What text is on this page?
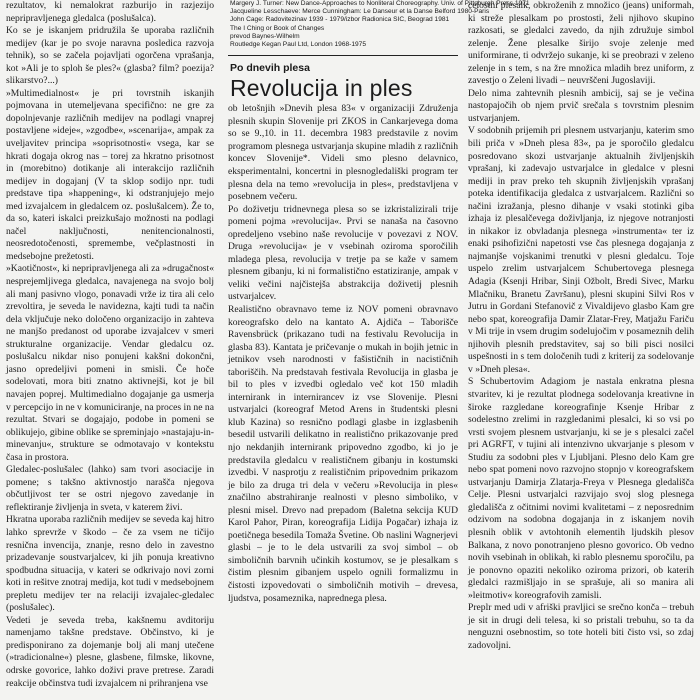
rezultatov, ki nemalokrat razburijo in razjezijo nepripravljenega gledalca (poslušalca).

Ko se je iskanjem pridružila še uporaba različnih medijev (kar je po svoje naravna posledica razvoja tehnik), so se začela pojavljati ogorčena vprašanja, kot »Ali je to sploh še ples?« (glasba? film? poezija? slikarstvo?...)

»Multimedialnost« je pri tovrstnih iskanjih pojmovana in utemeljevana specifično: ne gre za dopolnjevanje različnih medijev na podlagi vnaprej postavljene »ideje«, »zgodbe«, »scenarija«, ampak za uveljavitev principa »soprisotnosti« vsega, kar se hkrati dogaja okrog nas – torej za hkratno prisotnost in (morebitno) dotikanje ali interakcijo različnih medijev in dogajanj (V ta sklop sodijo npr. tudi predstave tipa »happening«, ki odstranjujejo mejo med izvajalcem in gledalcem oz. poslušalcem). Že to, da so, kateri iskalci preizkušajo možnosti na podlagi načel naključnosti, nenitencionalnosti, neosredotočenosti, spremembe, večplastnosti in medsebojne prežetosti.

»Kaotičnost«, ki nepripravljenega ali za »drugačnost« nesprejemljivega gledalca, navajenega na svojo bolj ali manj pasivno vlogo, ponavadi vrže iz tira ali celo zrevoltira, je seveda le navidezna, kajti tudi ta način dela vključuje neko določeno organizacijo in zahteva ne manjšo predanost od uporabe izvajalcev v smeri strukturalne organizacije. Vendar gledalcu oz. poslušalcu nikdar niso ponujeni kakšni dokončni, jasno opredeljivi pomeni in smisli. Če hoče sodelovati, mora biti znatno aktivnejši, kot je bil navajen poprej. Multimedialno dogajanje ga usmerja v percepcijo in ne v komuniciranje, na proces in ne na rezultat. Stvari se dogajajo, podobe in pomeni se oblikujejo, gibine oblike se spreminjajo »nastajaju-in-minevanju«, strukture se odmotavajo v kontekstu časa in prostora.

Gledalec-poslušalec (lahko) sam tvori asociacije in pomene; s takšno aktivnostjo narašča njegova občutljivost ter se ostri njegovo zavedanje in reflektiranje življenja in sveta, v katerem živi.

Hkratna uporaba različnih medijev se seveda kaj hitro lahko sprevrže v škodo – če za vsem ne tičijo resnična invencija, znanje, resno delo in zavestno prizadevanje soustvarjalcev, ki jih ponuja kreativno spodbudna situacija, v kateri se odkrivajo novi zorni koti in rešitve znotraj medija, kot tudi v medsebojnem prepletu medijev ter na relaciji izvajalec-gledalec (poslušalec).

Vedeti je seveda treba, kakšnemu avditoriju namenjamo takšne predstave. Občinstvo, ki je predisponirano za dojemanje bolj ali manj utečene (»tradicionalne«) plesne, glasbene, filmske, likovne, odrske govorice, lahko doživi prave pretrese. Zaradi reakcije občinstva tudi izvajalcem ni prihranjena vse

Margery J. Turner: New Dance-Approaches to Nonliteral Choreography. Univ. of Pittsburgh Press 1971
Jacqueline Lesschaeve: Merce Cunningham: Le Danseur et la Danse Belford 1980-Paris
John Cage: Radovitezinav 1939 - 1979/izbor Radionica SIC, Beograd 1981
The I Ching or Book of Changes
prevod Baynes-Wilhelm
Routledge Kegan Paul Ltd, London 1968-1975
Po dnevih plesa
Revolucija in ples

ob letošnjih »Dnevih plesa 83« v organizaciji Združenja plesnih skupin Slovenije pri ZKOS in Cankarjevega doma so se 9.,10. in 11. decembra 1983 predstavile z novim programom plesnega ustvarjanja skupine mladih z različnih koncev Slovenije*. Videli smo plesno delavnico, eksperimentalni, koncertni in plesnogledališki program ter plesna dela na temo »revolucija in ples«, predstavljena v posebnem večeru.

Po doživetju tridnevnega plesa so se izkristalizirali trije pomeni pojma »revolucija«. Prvi se nanaša na časovno opredeljeno vsebino naše revolucije v povezavi z NOV. Druga »revolucija« je v vsebinah oziroma sporočilih mladega plesa, revolucija v tretje pa se kaže v samem plesnem gibanju, ki ni formalistično estatiziranje, ampak v veliki večini najčistejša abstrakcija doživetij plesnih ustvarjalcev.

Realistično obravnavo teme iz NOV pomeni obravnavo koreografsko delo na kantato A. Ajdiča – Taboriščе Ravensbrück (prikazano tudi na festivalu Revolucija in glasba 83). Kantata je pričevanje o mukah in bojih jetnic in jetnikov vseh narodnosti v fašističnih in nacističnih taboriščih. Na predstavah festivala Revolucija in glasba je bil to ples v izvedbi ogledalo več kot 150 mladih internirank in internirancev iz vse Slovenije. Plesni ustvarjalci (koreograf Metod Arens in študentski plesni klub Kazina) so resnično podlagi glasbe in izglasbenih besedil ustvarili delikatno in realistično prikazovanje pred njo nekdanjih internirank pripovedno zgodbo, ki jo je predstavila gledalcu v realističnem gibanju in kostumski izvedbi. V nasprotju z realističnim pripovednim prikazom je bilo za druga tri dela v večeru »Revolucija in ples« značilno abstrahiranje realnosti v plesno simboliko, v plesni misel. Drevo nad prepadom (Baletna sekcija KUD Karol Pahor, Piran, koreografija Lidija Pogačar) izhaja iz poetičnega besedila Tomaža Švetine. Ob naslini Wagnerjevi glasbi – je to le dela ustvarili za svoj simbol – ob simboličnih barvnih učinkih kostumov, se je plesalkam s čistim plesnim gibanjem uspelo ognili formalizmu in čistosti izpovedovati o simboličnih motivih – drevesa, ljudstva, posameznika, naprednega plesa.

celostni plesalk, obkroženih z množico (jeans) uniformah, ki streže plesalkam po prostosti, želi njihovo skupino razkosati, se gledalci zavedo, da njih združuje simbol zelenje. Žene plesalke širijo svoje zelenje med uniformirane, ti odvržejo sukanje, ki se preobrazi v zeleno zelenje in s tem, s na žre množica mladih brez uniform, z zavestjo o Zeleni livadi – neuvrščeni Jugoslaviji.

Delo nima zahtevnih plesnih ambicij, saj se je večina nastopajočih ob njem prvič srečala s tovrstnim plesnim ustvarjanjem.

V sodobnih prijemih pri plesnem ustvarjanju, katerim smo bili priča v »Dneh plesa 83«, pa je sporočilo gledalcu posredovano skozi ustvarjanje aktualnih življenjskih vprašanj, ki zadevajo ustvarjalce in gledalce v plesni mediji in prav preko teh skupnih življenjskih vprašanj poteka identifikacija gledalca z ustvarjalcem. Različni so načini izražanja, plesno dihanje v vsaki stotinki giba izhaja iz plesalčevega doživljanja, iz njegove notranjosti in nikakor iz obvladanja plesnega »instrumenta« ter iz enaki psihofizični napetosti vse čas plesnega dogajanja z najmanjše vojskanimi trenutki v plesni gledalcu. Toje uspelo zrelim ustvarjalcem Schubertovega plesnega Adagia (Ksenji Hribar, Sinji Ožbolt, Bredi Sivec, Marku Mlačniku, Branetu Završanu), plesni skupini Silvi Ros v Jutru in Gordani Stefanovič z Vivaldijevo glasbo Kam gre nebo spat, koreografija Damir Zlatar-Frey, Matjažu Fariču v Mi trije in vsem drugim sodelujočim v posameznih delih njihovih plesnih predstavitev, saj so bili pisci nosilci uspešnosti in s tem določenih tudi z kriterij za sodelovanje v »Dneh plesa«.

S Schubertovim Adagiom je nastala enkratna plesna stvaritev, ki je rezultat plodnega sodelovanja kreativne in široke razgledane koreografinje Ksenje Hribar z sodelestno zrelimi in razgledanimi plesalci, ki so vsi po vrsti svojem plesnem ustvarjanju, ki se je s plesalci začel pri AGRFT, v tujini ali intenzivno ukvarjanje s plesom v Studiu za sodobni ples v Ljubljani. Plesno delo Kam gre nebo spat pomeni novo razvojno stopnjo v koreografskem ustvarjanju Damirja Zlatarja-Freya v Plesnega gledališča Celje. Plesni ustvarjalci razvijajo svoj slog plesnega gledališča z očitnimi novimi kvalitetami – z neposrednim odzivom na sodobna dogajanja in z iskanjem novih plesnih oblik v avtohtonih elementih ljudskih plesov Balkana, z novo ponotranjeno plesno govorico. Ob vedno novih vsebinah in oblikah, ki rablo plesnemu sporočilu, pa je ponovno opaziti nekoliko oziroma prizori, ob katerih gledalci razmišljajo in se sprašuje, ali so manira ali »leitmotiv« koreografovih zamisli.

Preplr med udi v afriški pravljici se srečno konča – trebuh je sit in drugi deli telesa, ki so pristali trebuhu, so ta da nenguzni osebnostim, so tote hoteli biti čisto vsi, so zdaj zadovoljni.
